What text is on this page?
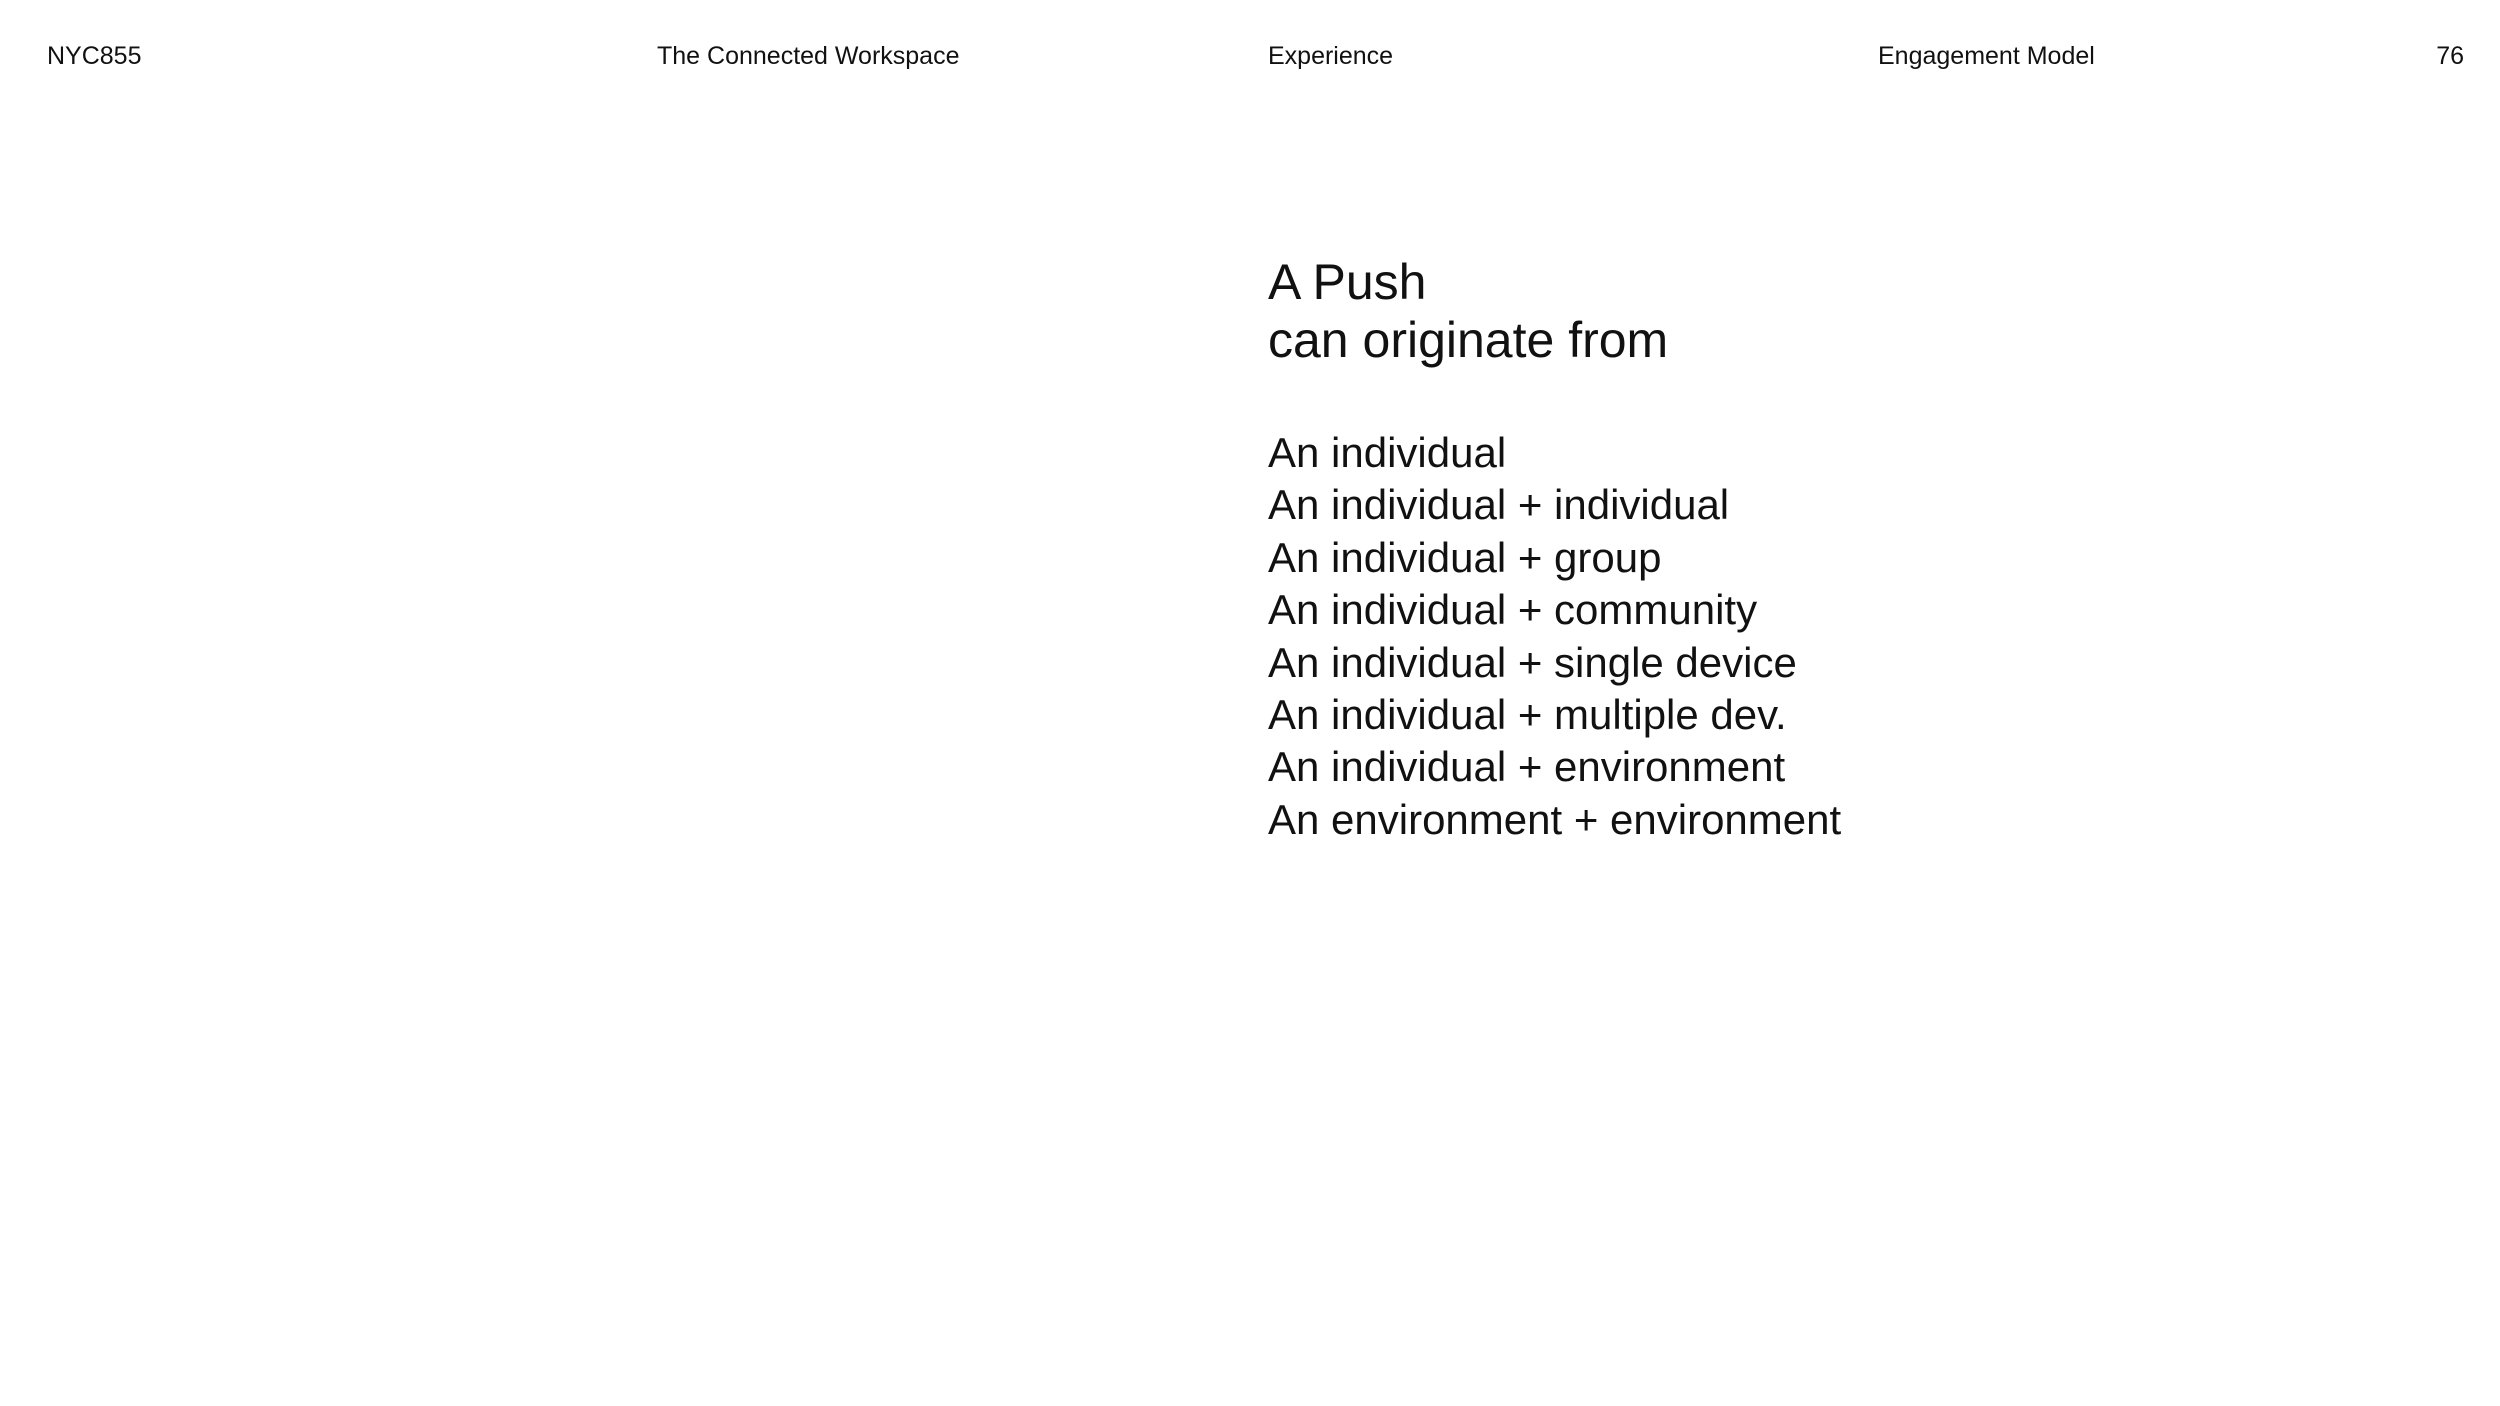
NYC855	The Connected Workspace	Experience	Engagement Model	76
A Push
can originate from
An individual
An individual + individual
An individual + group
An individual + community
An individual + single device
An individual + multiple dev.
An individual + environment
An environment + environment
